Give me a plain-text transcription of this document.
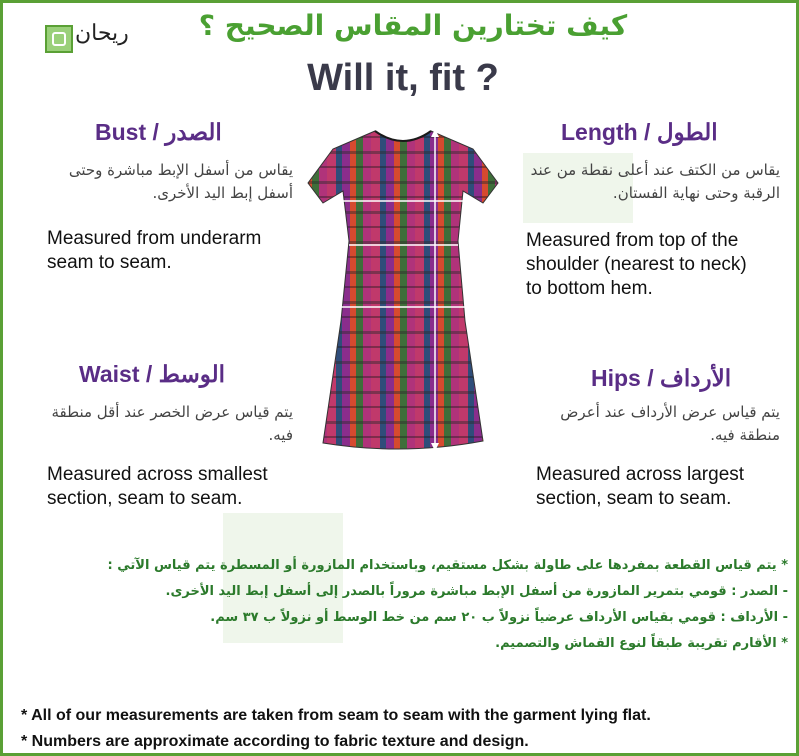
ريحان	كيف تختارين المقاس الصحيح ؟
Will it, fit ?
Bust / الصدر
يقاس من أسفل الإبط مباشرة وحتى أسفل إبط اليد الأخرى.
Measured from underarm seam to seam.
Length / الطول
يقاس من الكتف عند أعلى نقطة من عند الرقبة وحتى نهاية الفستان.
Measured from top of the shoulder (nearest to neck) to bottom hem.
Waist / الوسط
يتم قياس عرض الخصر عند أقل منطقة فيه.
Measured across smallest section, seam to seam.
Hips / الأرداف
يتم قياس عرض الأرداف عند أعرض منطقة فيه.
Measured across largest section, seam to seam.
* يتم قياس القطعة بمفردها على طاولة بشكل مستقيم، وباستخدام المازورة أو المسطرة يتم قياس الآتي :
- الصدر : قومي بتمرير المازورة من أسفل الإبط مباشرة مروراً بالصدر إلى أسفل إبط اليد الأخرى.
- الأرداف : قومي بقياس الأرداف عرضياً نزولاً ب ٢٠ سم من خط الوسط أو نزولاً ب ٣٧ سم.
* الأقارم تقريبة طبقاً لنوع القماش والتصميم.
* All of our measurements are taken from seam to seam with the garment lying flat.
* Numbers are approximate according to fabric texture and design.
